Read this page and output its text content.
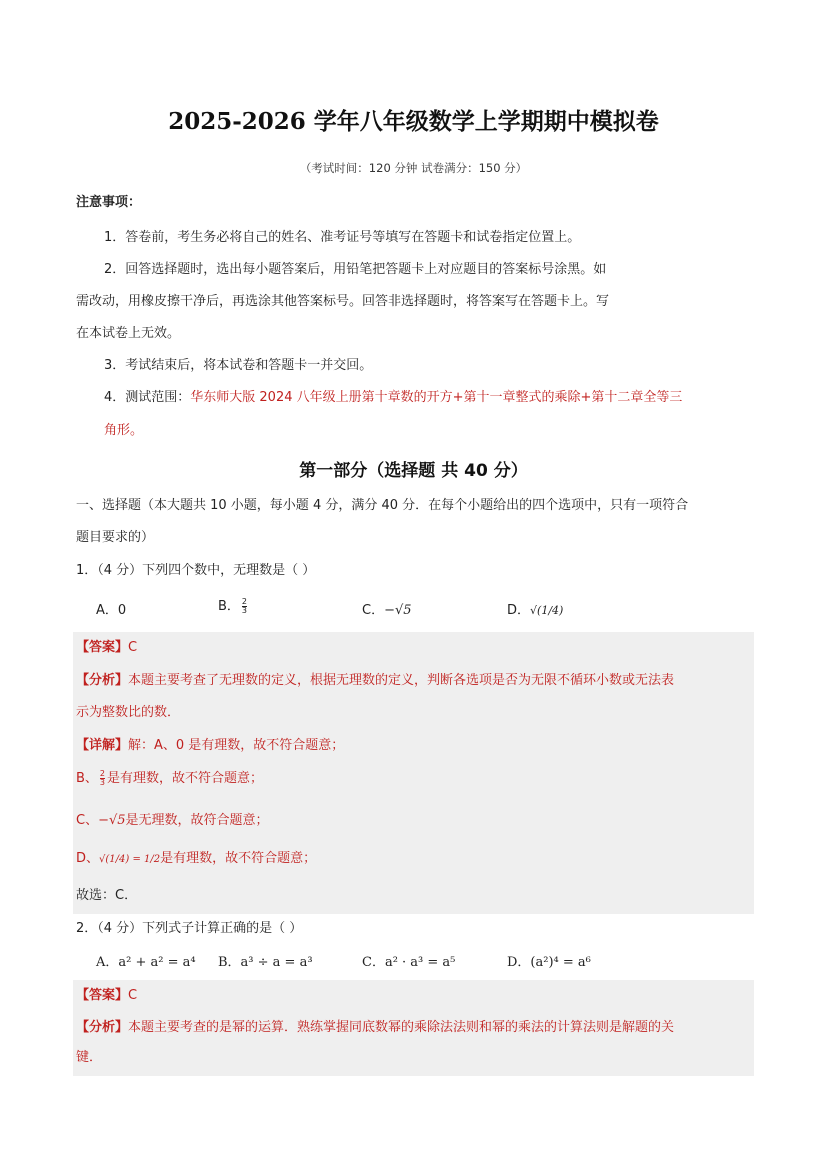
2025-2026 学年八年级数学上学期期中模拟卷
（考试时间：120 分钟 试卷满分：150 分）
注意事项：
1．答卷前，考生务必将自己的姓名、准考证号等填写在答题卡和试卷指定位置上。
2．回答选择题时，选出每小题答案后，用铅笔把答题卡上对应题目的答案标号涂黑。如
需改动，用橡皮擦干净后，再选涂其他答案标号。回答非选择题时，将答案写在答题卡上。写
在本试卷上无效。
3．考试结束后，将本试卷和答题卡一并交回。
4．测试范围：华东师大版 2024 八年级上册第十章数的开方+第十一章整式的乘除+第十二章全等三
角形。
第一部分（选择题 共 40 分）
一、选择题（本大题共 10 小题，每小题 4 分，满分 40 分．在每个小题给出的四个选项中，只有一项符合
题目要求的）
1．（4 分）下列四个数中，无理数是（ ）
A．0	B． $\frac{2}{3}$	C．−√5	D．√(1/4)
【答案】C
【分析】本题主要考查了无理数的定义，根据无理数的定义，判断各选项是否为无限不循环小数或无法表
示为整数比的数．
【详解】解：A、0 是有理数，故不符合题意；
B、 $\frac{2}{3}$ 是有理数，故不符合题意；
C、−√5是无理数，故符合题意；
D、√(1/4) = 1/2是有理数，故不符合题意；
故选：C．
2．（4 分）下列式子计算正确的是（ ）
A．a² + a² = a⁴ B．a³ ÷ a = a³	C．a² · a³ = a⁵	D．(a²)⁴ = a⁶
【答案】C
【分析】本题主要考查的是幂的运算．熟练掌握同底数幂的乘除法法则和幂的乘法的计算法则是解题的关
键．
